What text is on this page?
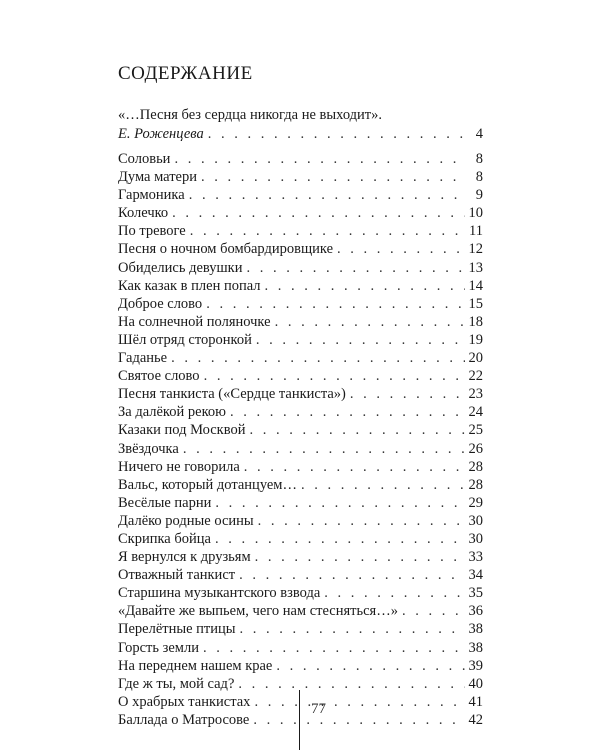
СОДЕРЖАНИЕ
«…Песня без сердца никогда не выходит».
Е. Роженцева . . .	4
Соловьи . . .	8
Дума матери . . .	8
Гармоника . . .	9
Колечко . . .	10
По тревоге . . .	11
Песня о ночном бомбардировщике . . .	12
Обиделись девушки . . .	13
Как казак в плен попал . . .	14
Доброе слово . . .	15
На солнечной поляночке . . .	18
Шёл отряд сторонкой . . .	19
Гаданье . . .	20
Святое слово . . .	22
Песня танкиста («Сердце танкиста») . . .	23
За далёкой рекою . . .	24
Казаки под Москвой . . .	25
Звёздочка . . .	26
Ничего не говорила . . .	28
Вальс, который дотанцуем… . . .	28
Весёлые парни . . .	29
Далёко родные осины . . .	30
Скрипка бойца . . .	30
Я вернулся к друзьям . . .	33
Отважный танкист . . .	34
Старшина музыкантского взвода . . .	35
«Давайте же выпьем, чего нам стесняться…» . . .	36
Перелётные птицы . . .	38
Горсть земли . . .	38
На переднем нашем крае . . .	39
Где ж ты, мой сад? . . .	40
О храбрых танкистах . . .	41
Баллада о Матросове . . .	42
77
